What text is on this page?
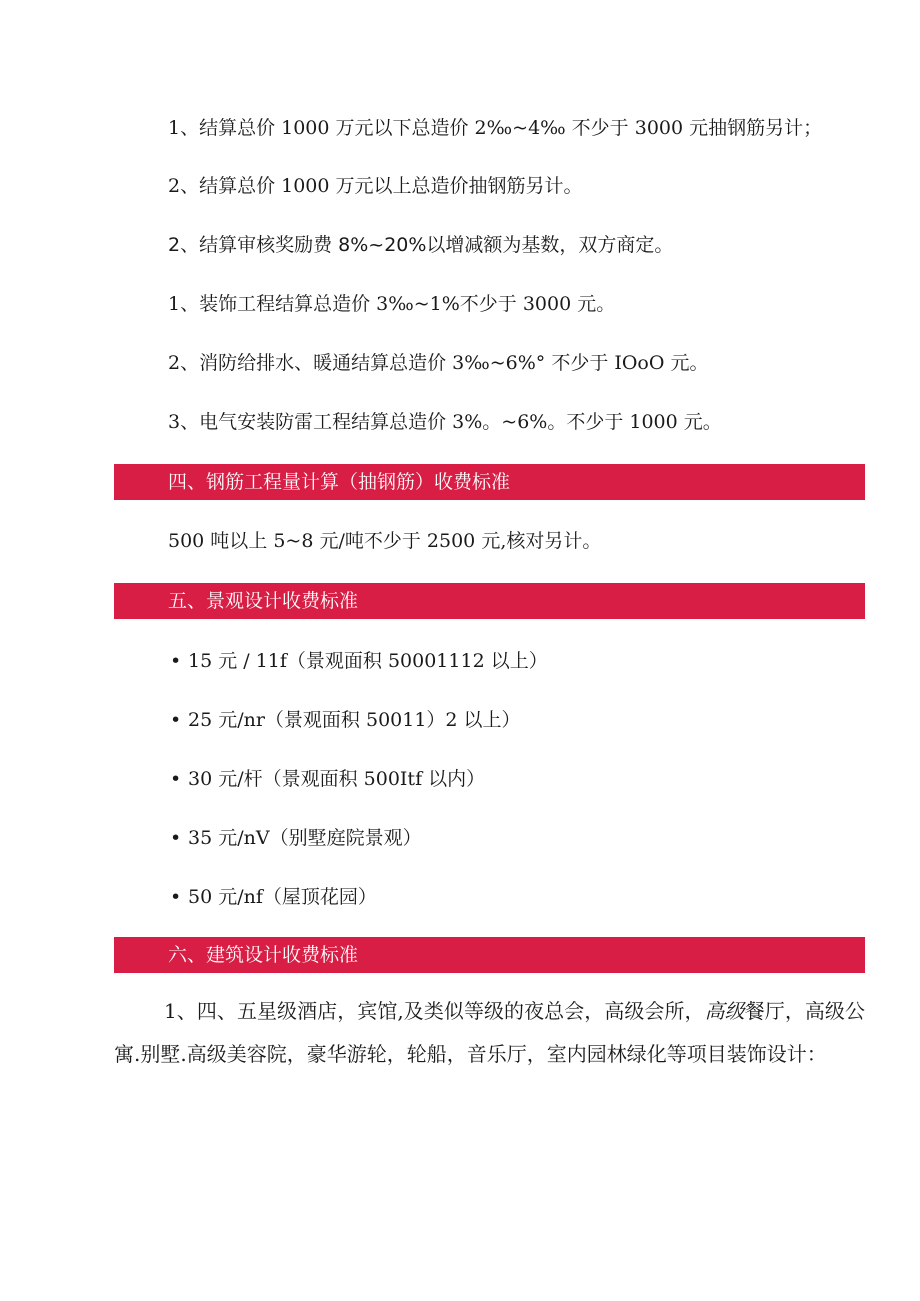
1、结算总价 1000 万元以下总造价 2‰~4‰ 不少于 3000 元抽钢筋另计；
2、结算总价 1000 万元以上总造价抽钢筋另计。
2、结算审核奖励费 8%~20%以增减额为基数，双方商定。
1、装饰工程结算总造价 3‰~1%不少于 3000 元。
2、消防给排水、暖通结算总造价 3‰~6%° 不少于 IOoO 元。
3、电气安装防雷工程结算总造价 3%。~6%。不少于 1000 元。
四、钢筋工程量计算（抽钢筋）收费标准
500 吨以上 5~8 元/吨不少于 2500 元,核对另计。
五、景观设计收费标准
• 15 元 / 11f（景观面积 50001112 以上）
• 25 元/nr（景观面积 50011）2 以上）
• 30 元/杆（景观面积 500Itf 以内）
• 35 元/nV（别墅庭院景观）
• 50 元/nf（屋顶花园）
六、建筑设计收费标准
1、四、五星级酒店，宾馆,及类似等级的夜总会，高级会所，高级餐厅，高级公寓.别墅.高级美容院，豪华游轮，轮船，音乐厅，室内园林绿化等项目装饰设计：
